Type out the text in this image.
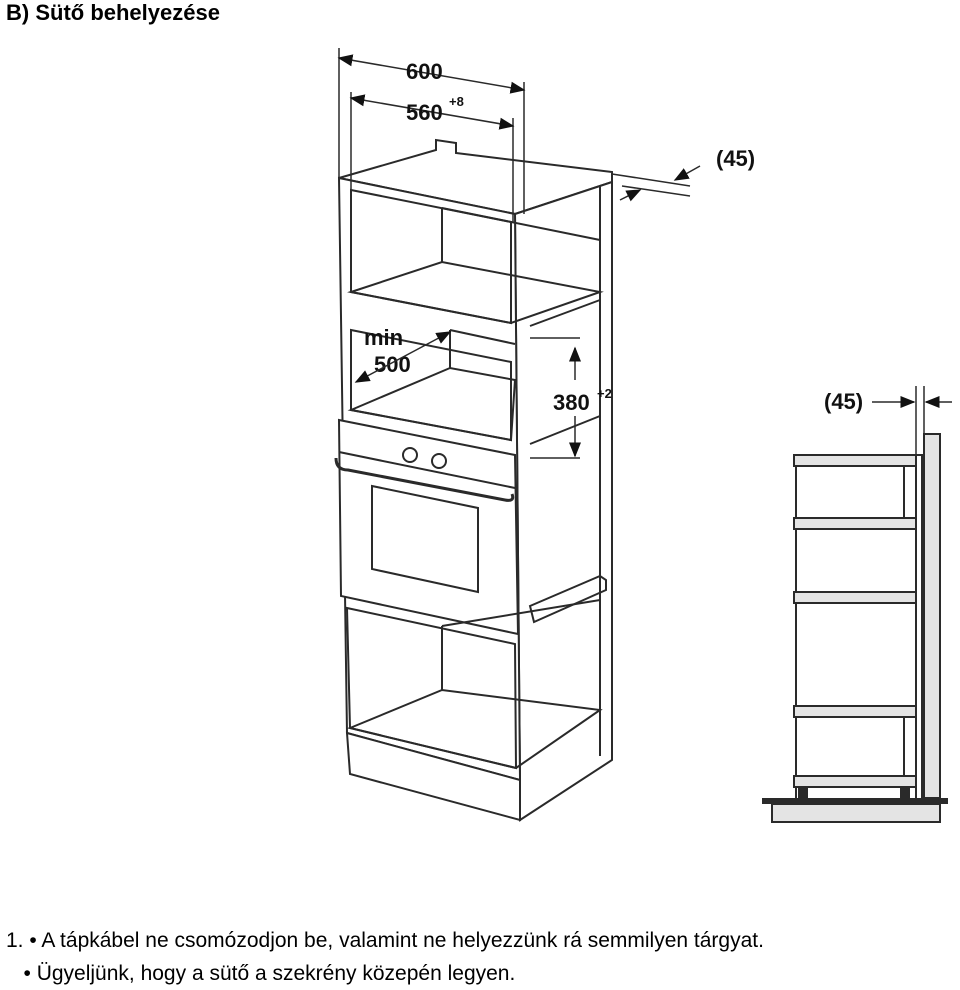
B) Sütő behelyezése
600
560 +8
(45)
min
500
380 +2	(45)
1. • A tápkábel ne csomózodjon be, valamint ne helyezzünk rá semmilyen tárgyat.
• Ügyeljünk, hogy a sütő a szekrény közepén legyen.
